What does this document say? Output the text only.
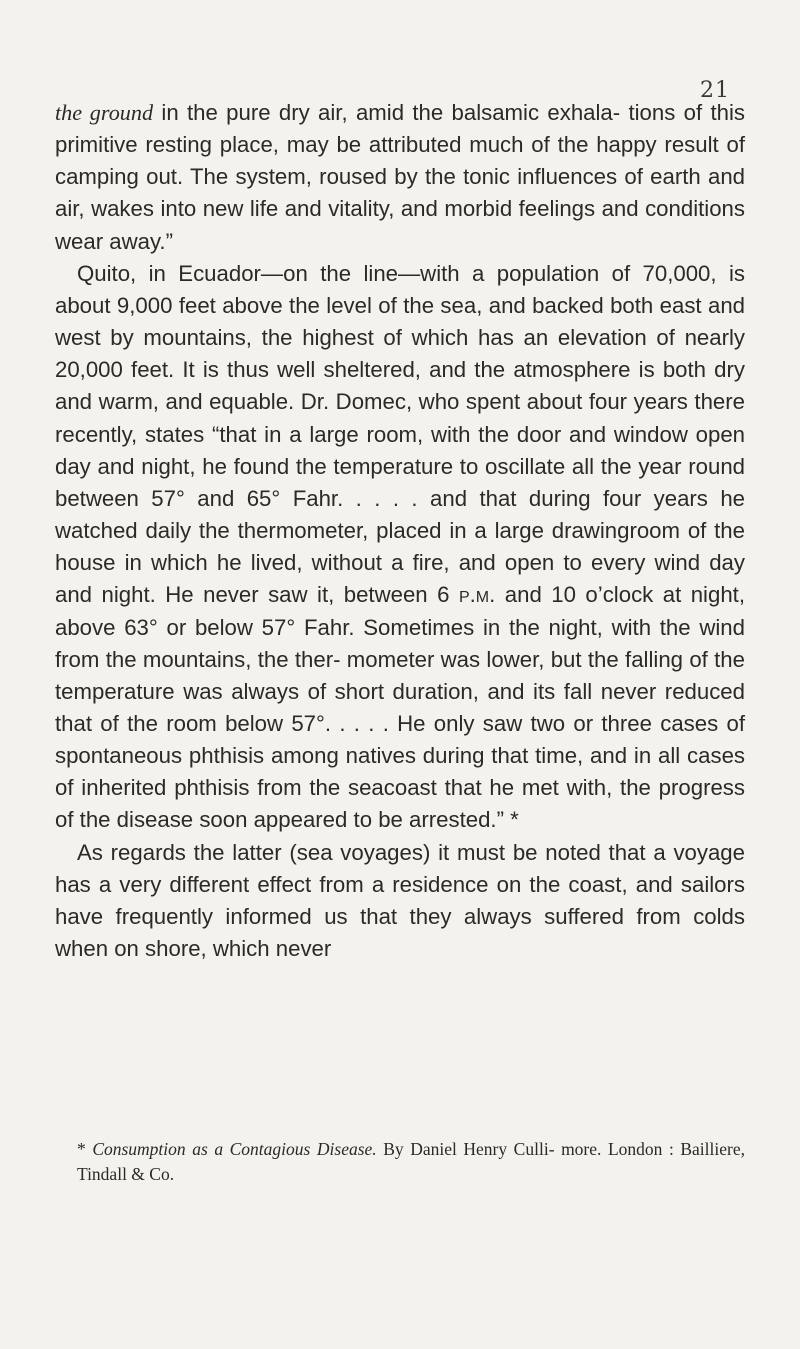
21

the ground in the pure dry air, amid the balsamic exhala- tions of this primitive resting place, may be attributed much of the happy result of camping out. The system, roused by the tonic influences of earth and air, wakes into new life and vitality, and morbid feelings and conditions wear away.”

Quito, in Ecuador—on the line—with a population of 70,000, is about 9,000 feet above the level of the sea, and backed both east and west by mountains, the highest of which has an elevation of nearly 20,000 feet. It is thus well sheltered, and the atmosphere is both dry and warm, and equable. Dr. Domec, who spent about four years there recently, states “that in a large room, with the door and window open day and night, he found the temperature to oscillate all the year round between 57° and 65° Fahr. . . . . and that during four years he watched daily the thermometer, placed in a large drawingroom of the house in which he lived, without a fire, and open to every wind day and night. He never saw it, between 6 p.m. and 10 o’clock at night, above 63° or below 57° Fahr. Sometimes in the night, with the wind from the mountains, the ther- mometer was lower, but the falling of the temperature was always of short duration, and its fall never reduced that of the room below 57°. . . . . He only saw two or three cases of spontaneous phthisis among natives during that time, and in all cases of inherited phthisis from the seacoast that he met with, the progress of the disease soon appeared to be arrested.” *

As regards the latter (sea voyages) it must be noted that a voyage has a very different effect from a residence on the coast, and sailors have frequently informed us that they always suffered from colds when on shore, which never

* Consumption as a Contagious Disease. By Daniel Henry Culli- more. London : Bailliere, Tindall & Co.
